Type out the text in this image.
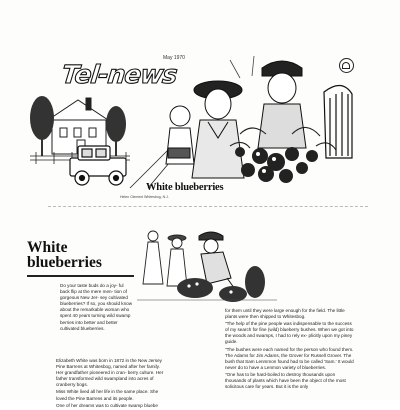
Tel-news
May 1970
White blueberries
Helen Clement Whitesbog, N.J.
White
blueberries

Do your taste buds do a joy- ful back flip at the mere men- tion of gorgeous New Jer- sey cultivated blueberries? If so, you should know about the remarkable woman who spent 40 years turning wild swamp berries into better and better cultivated blueberries.

Elizabeth White was born in 1872 in the New Jersey Pine Barrens at Whitesbog, named after her family. Her grandfather pioneered in cran- berry culture. Her father transformed wild swampland into acres of cranberry bogs.

Miss White lived all her life in the same place. She loved the Pine Barrens and its people.

One of her dreams was to cultivate swamp bluebe

for them until they were large enough for the field. The little plants were then shipped to Whitesbog.

"The help of the pine people was indispensable to the success of my search for fine (wild) blueberry bushes. When we got into the woods and swamps, I had to rely ex- plicitly upon my piney guide.

"The bushes were each named for the person who found them. The Adams for Jim Adams, the Grover for Russell Grover. The bush that Sam Lenmmon found had to be called 'Sam.' It would never do to have a Lenmon variety of blueberries.

"One has to be hard-boiled to destroy thousands upon thousands of plants which have been the object of the most solicitous care for years. But it is the only
